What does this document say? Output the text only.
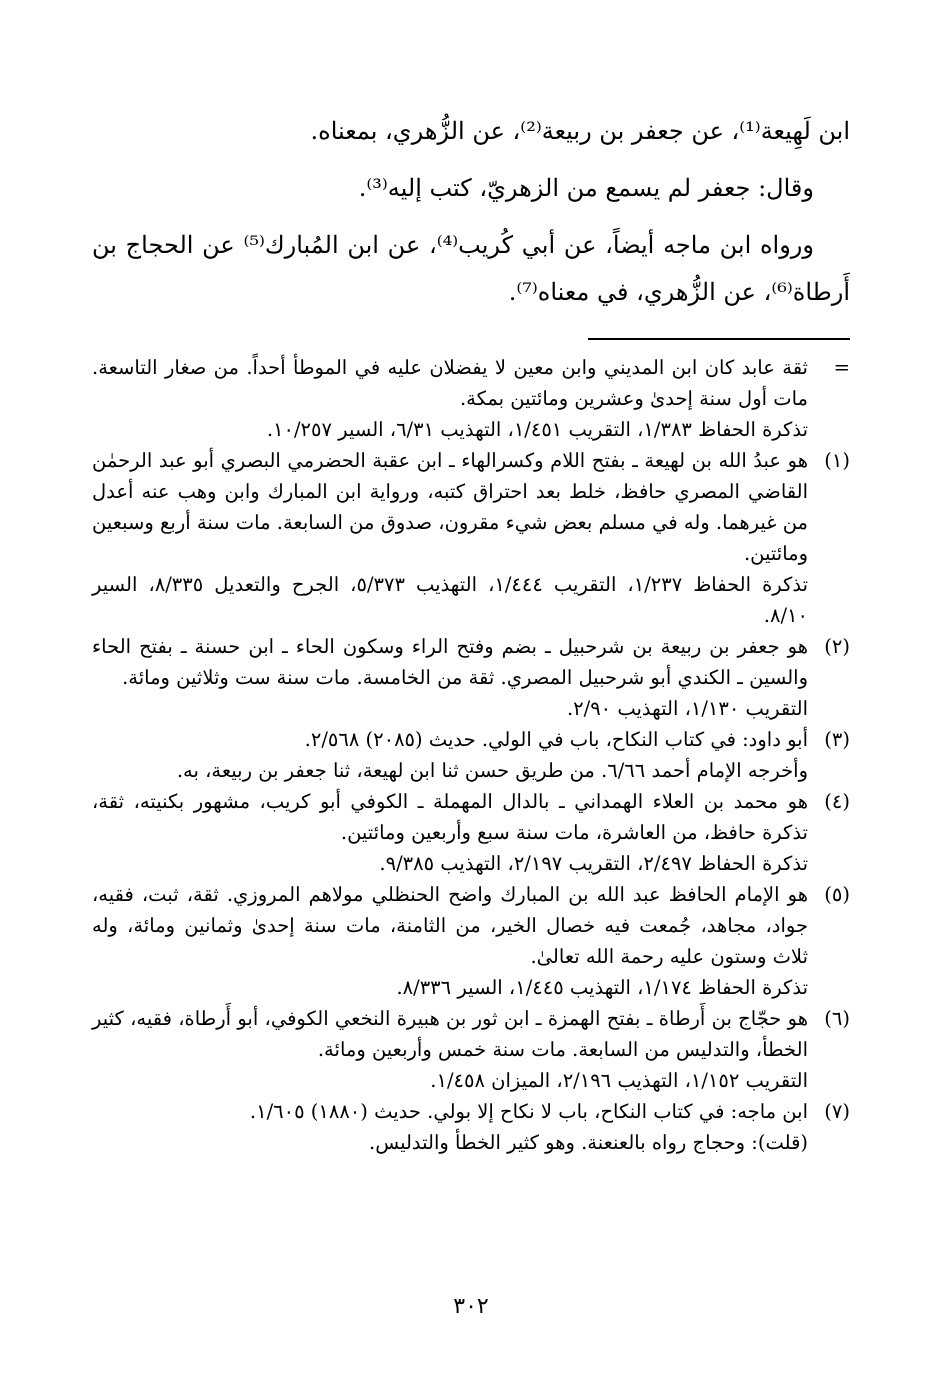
ابن لَهِيعة⁽¹⁾، عن جعفر بن ربيعة⁽²⁾، عن الزُّهري، بمعناه.

وقال: جعفر لم يسمع من الزهريّ، كتب إليه⁽³⁾.

ورواه ابن ماجه أيضاً، عن أبي كُريب⁽⁴⁾، عن ابن المُبارك⁽⁵⁾ عن الحجاج بن أَرطاة⁽⁶⁾، عن الزُّهري، في معناه⁽⁷⁾.

=

ثقة عابد كان ابن المديني وابن معين لا يفضلان عليه في الموطأ أحداً. من صغار التاسعة. مات أول سنة إحدىٰ وعشرين ومائتين بمكة.

تذكرة الحفاظ ١/٣٨٣، التقريب ١/٤٥١، التهذيب ٦/٣١، السير ١٠/٢٥٧.

(١)

هو عبدُ الله بن لهيعة ـ بفتح اللام وكسرالهاء ـ ابن عقبة الحضرمي البصري أبو عبد الرحمٰن القاضي المصري حافظ، خلط بعد احتراق كتبه، ورواية ابن المبارك وابن وهب عنه أعدل من غيرهما. وله في مسلم بعض شيء مقرون، صدوق من السابعة. مات سنة أربع وسبعين ومائتين.

تذكرة الحفاظ ١/٢٣٧، التقريب ١/٤٤٤، التهذيب ٥/٣٧٣، الجرح والتعديل ٨/٣٣٥، السير ٨/١٠.

(٢)

هو جعفر بن ربيعة بن شرحبيل ـ بضم وفتح الراء وسكون الحاء ـ ابن حسنة ـ بفتح الحاء والسين ـ الكندي أبو شرحبيل المصري. ثقة من الخامسة. مات سنة ست وثلاثين ومائة.

التقريب ١/١٣٠، التهذيب ٢/٩٠.

(٣)

أبو داود: في كتاب النكاح، باب في الولي. حديث (٢٠٨٥) ٢/٥٦٨.

وأخرجه الإمام أحمد ٦/٦٦. من طريق حسن ثنا ابن لهيعة، ثنا جعفر بن ربيعة، به.

(٤)

هو محمد بن العلاء الهمداني ـ بالدال المهملة ـ الكوفي أبو كريب، مشهور بكنيته، ثقة، تذكرة حافظ، من العاشرة، مات سنة سبع وأربعين ومائتين.

تذكرة الحفاظ ٢/٤٩٧، التقريب ٢/١٩٧، التهذيب ٩/٣٨٥.

(٥)

هو الإمام الحافظ عبد الله بن المبارك واضح الحنظلي مولاهم المروزي. ثقة، ثبت، فقيه، جواد، مجاهد، جُمعت فيه خصال الخير، من الثامنة، مات سنة إحدىٰ وثمانين ومائة، وله ثلاث وستون عليه رحمة الله تعالىٰ.

تذكرة الحفاظ ١/١٧٤، التهذيب ١/٤٤٥، السير ٨/٣٣٦.

(٦)

هو حجّاج بن أَرطاة ـ بفتح الهمزة ـ ابن ثور بن هبيرة النخعي الكوفي، أبو أَرطاة، فقيه، كثير الخطأ، والتدليس من السابعة. مات سنة خمس وأربعين ومائة.

التقريب ١/١٥٢، التهذيب ٢/١٩٦، الميزان ١/٤٥٨.

(٧)

ابن ماجه: في كتاب النكاح، باب لا نكاح إلا بولي. حديث (١٨٨٠) ١/٦٠٥.

(قلت): وحجاج رواه بالعنعنة. وهو كثير الخطأ والتدليس.

٣٠٢
